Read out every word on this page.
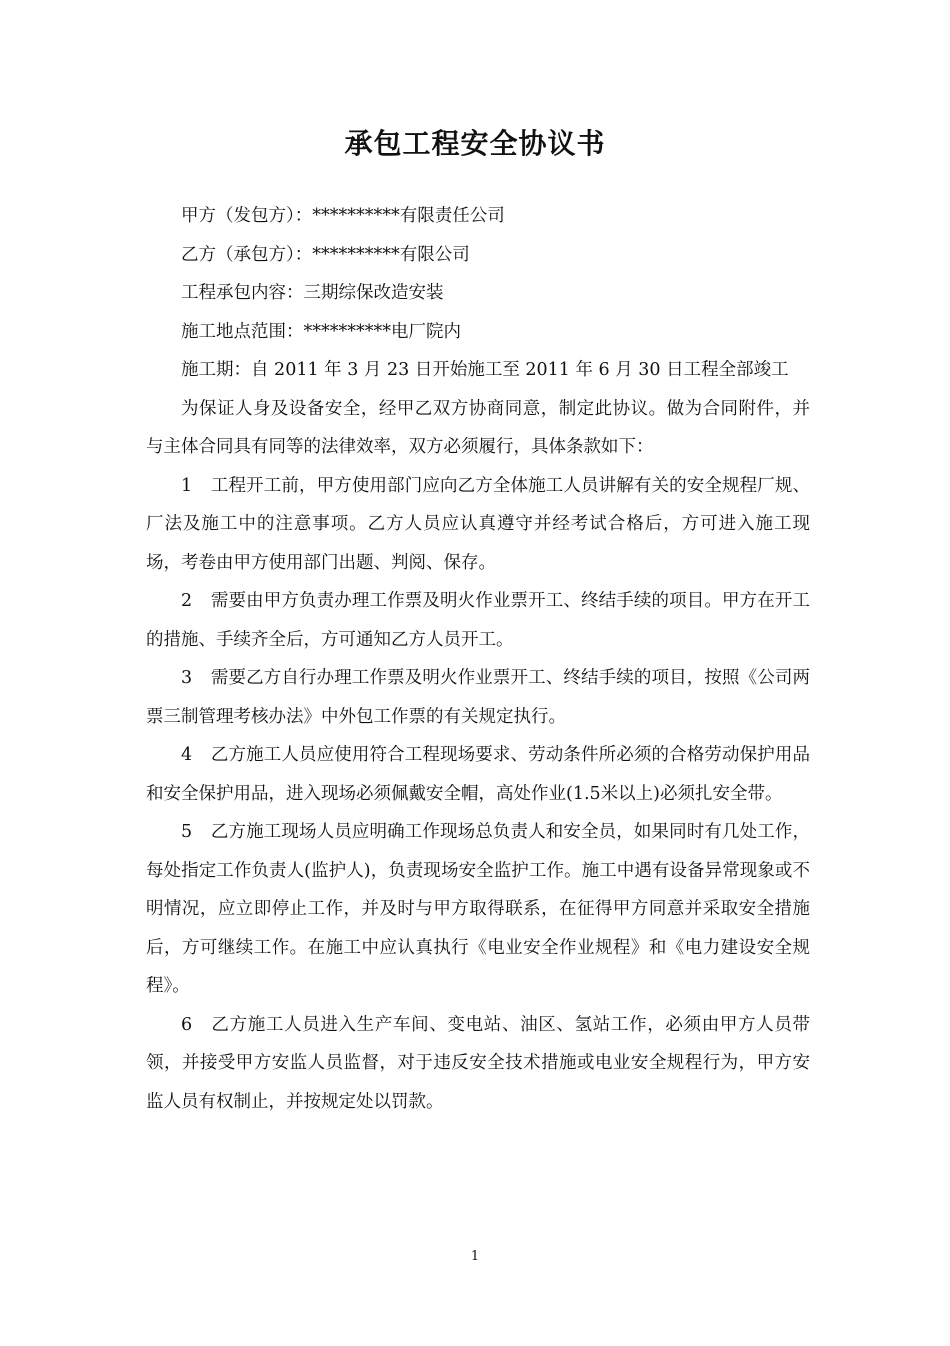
承包工程安全协议书

甲方（发包方）：**********有限责任公司

乙方（承包方）：**********有限公司

工程承包内容：三期综保改造安装

施工地点范围：**********电厂院内

施工期：自 2011 年 3 月 23 日开始施工至 2011 年 6 月 30 日工程全部竣工

为保证人身及设备安全，经甲乙双方协商同意，制定此协议。做为合同附件，并与主体合同具有同等的法律效率，双方必须履行，具体条款如下：

1 工程开工前，甲方使用部门应向乙方全体施工人员讲解有关的安全规程厂规、厂法及施工中的注意事项。乙方人员应认真遵守并经考试合格后，方可进入施工现场，考卷由甲方使用部门出题、判阅、保存。

2 需要由甲方负责办理工作票及明火作业票开工、终结手续的项目。甲方在开工的措施、手续齐全后，方可通知乙方人员开工。

3 需要乙方自行办理工作票及明火作业票开工、终结手续的项目，按照《公司两票三制管理考核办法》中外包工作票的有关规定执行。

4 乙方施工人员应使用符合工程现场要求、劳动条件所必须的合格劳动保护用品和安全保护用品，进入现场必须佩戴安全帽，高处作业(1.5米以上)必须扎安全带。

5 乙方施工现场人员应明确工作现场总负责人和安全员，如果同时有几处工作，每处指定工作负责人(监护人)，负责现场安全监护工作。施工中遇有设备异常现象或不明情况，应立即停止工作，并及时与甲方取得联系，在征得甲方同意并采取安全措施后，方可继续工作。在施工中应认真执行《电业安全作业规程》和《电力建设安全规程》。

6 乙方施工人员进入生产车间、变电站、油区、氢站工作，必须由甲方人员带领，并接受甲方安监人员监督，对于违反安全技术措施或电业安全规程行为，甲方安监人员有权制止，并按规定处以罚款。

1
